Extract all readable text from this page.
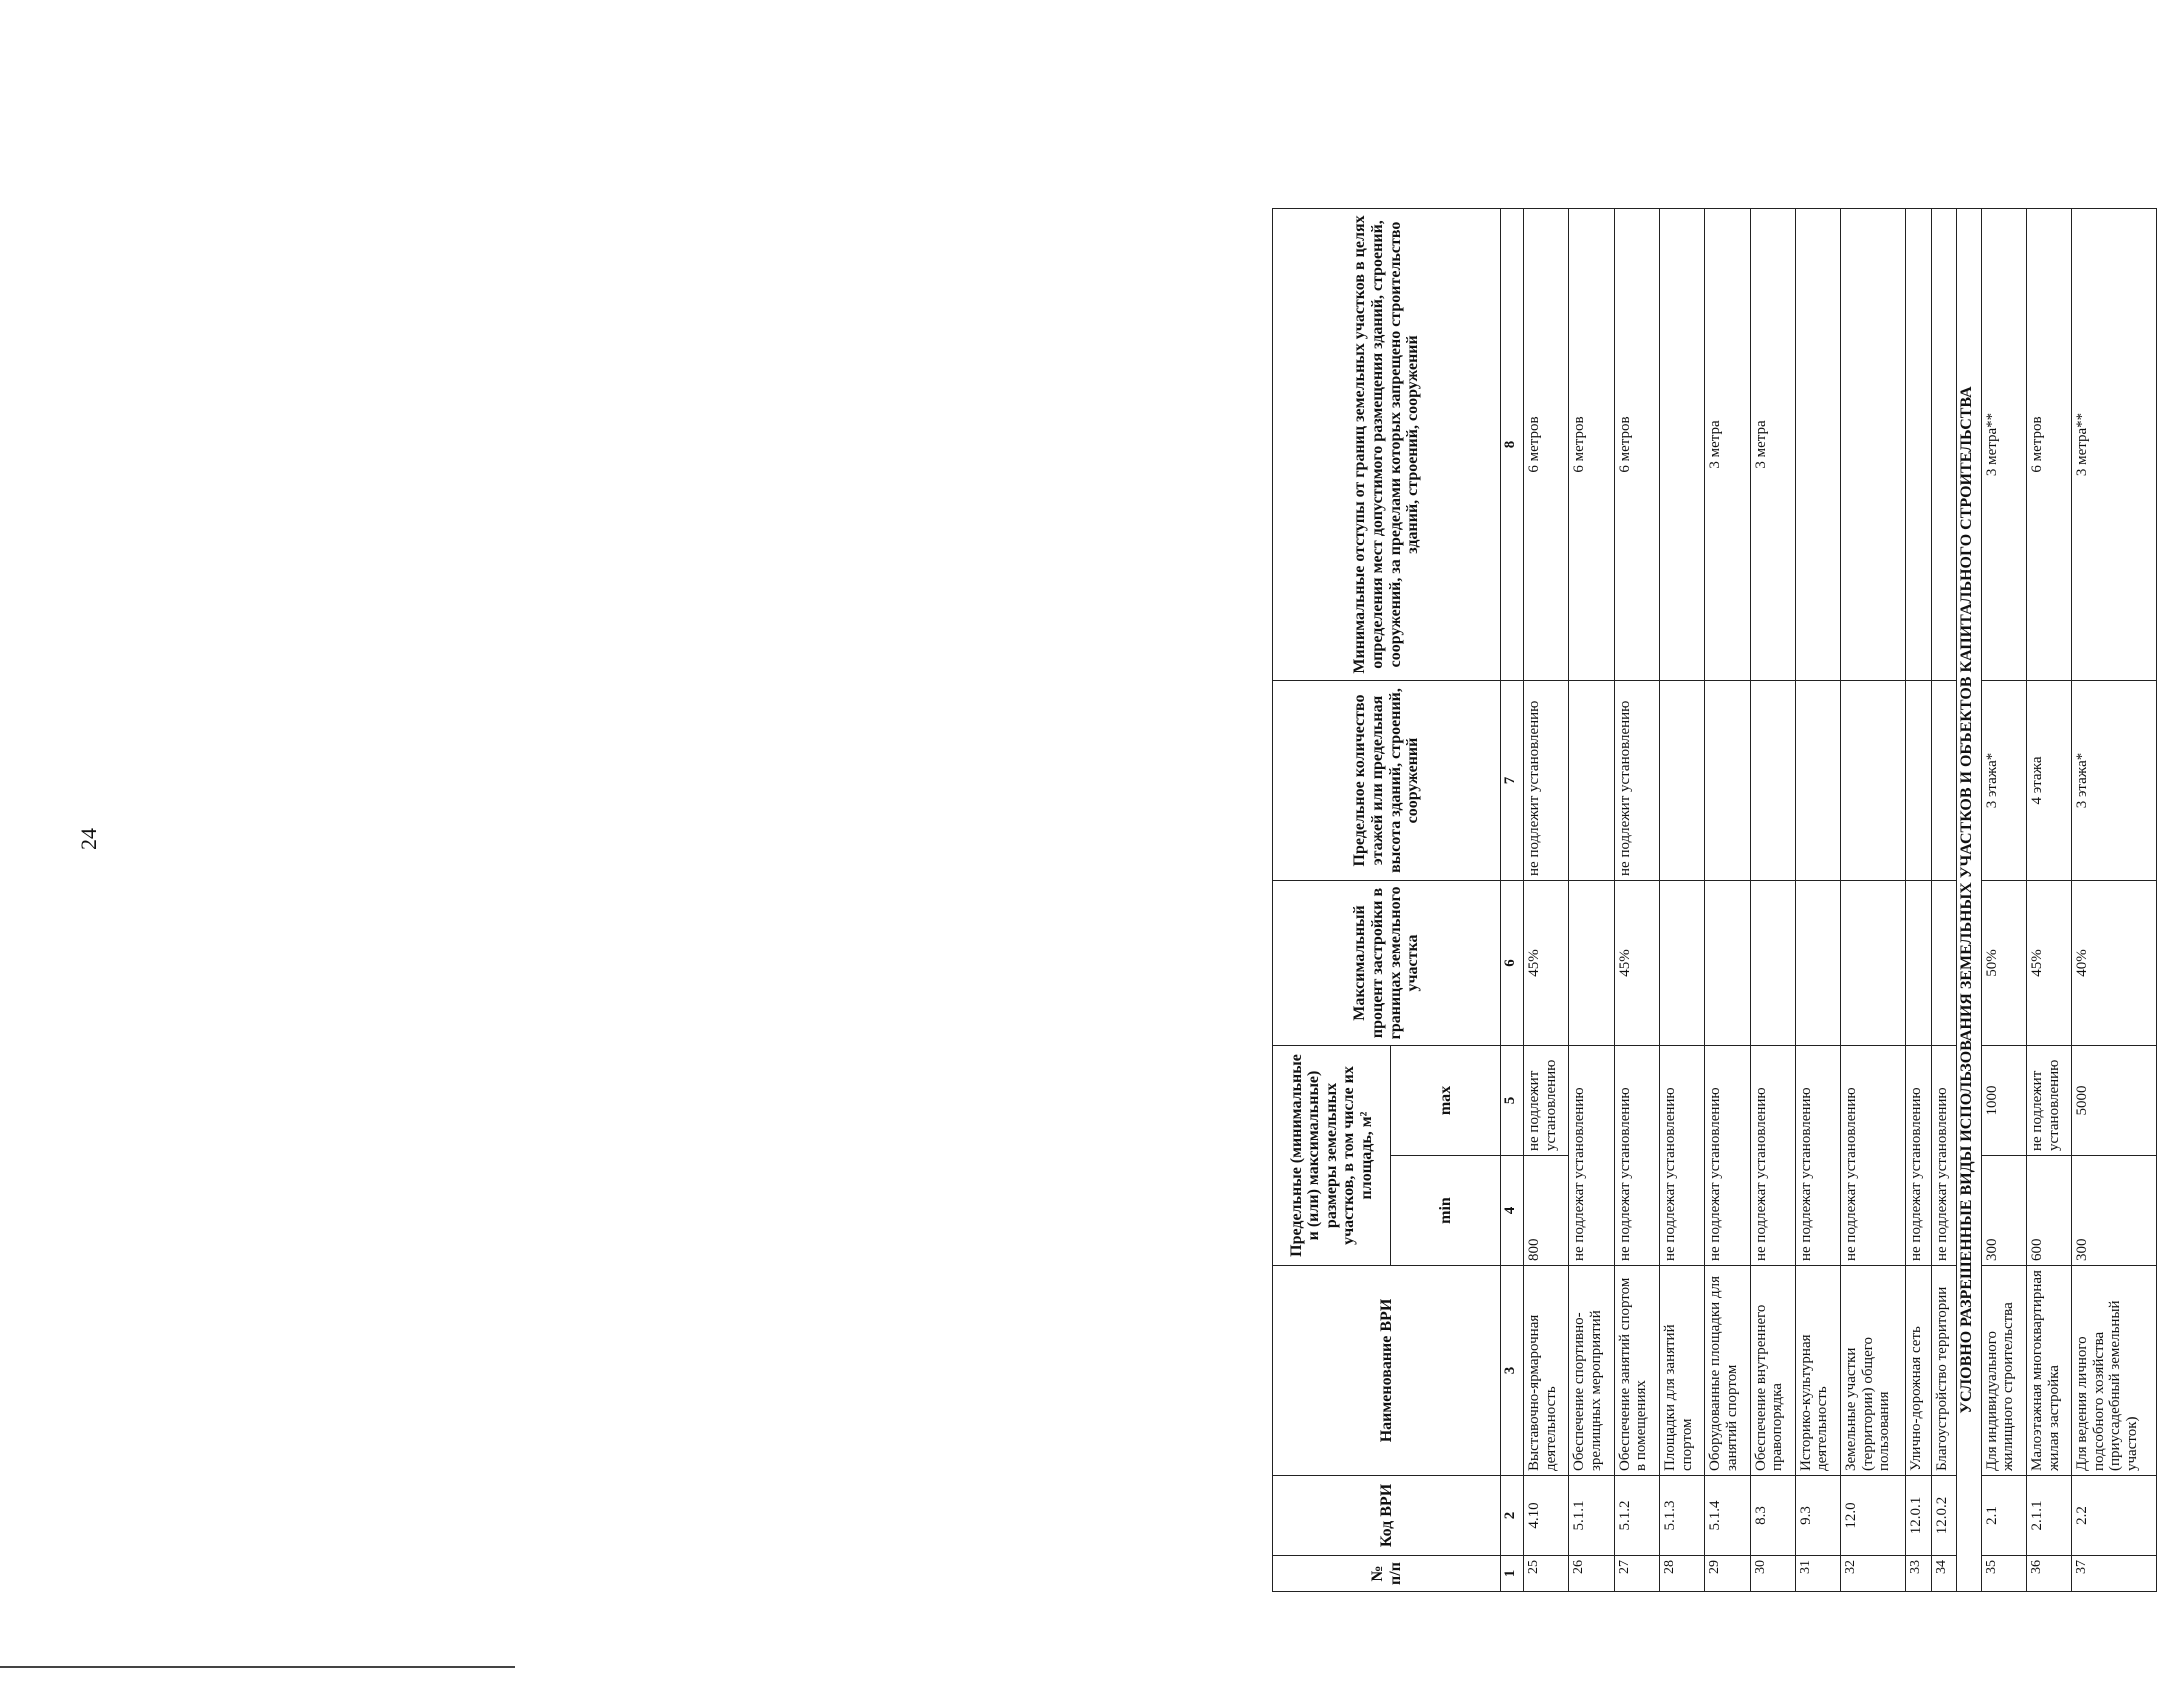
24
№ п/п	Код ВРИ	Наименование ВРИ	Предельные (минимальные и (или) максимальные) размеры земельных участков, в том числе их площадь, м²		Максимальный процент застройки в границах земельного участка	Предельное количество этажей или предельная высота зданий, строений, сооружений	Минимальные отступы от границ земельных участков в целях определения мест допустимого размещения зданий, строений, сооружений, за пределами которых запрещено строительство зданий, строений, сооружений
			min	max			
1	2	3	4	5	6	7	8
25	4.10	Выставочно-ярмарочная деятельность	800	не подлежит установлению	45%	не подлежит установлению	6 метров
26	5.1.1	Обеспечение спортивно-зрелищных мероприятий	не подлежат установлению				6 метров
27	5.1.2	Обеспечение занятий спортом в помещениях	не подлежат установлению		45%	не подлежит установлению	6 метров
28	5.1.3	Площадки для занятий спортом	не подлежат установлению				
29	5.1.4	Оборудованные площадки для занятий спортом	не подлежат установлению				3 метра
30	8.3	Обеспечение внутреннего правопорядка	не подлежат установлению				3 метра
31	9.3	Историко-культурная деятельность	не подлежат установлению				
32	12.0	Земельные участки (территории) общего пользования	не подлежат установлению				
33	12.0.1	Улично-дорожная сеть	не подлежат установлению				
34	12.0.2	Благоустройство территории	не подлежат установлению				
УСЛОВНО РАЗРЕШЕННЫЕ ВИДЫ ИСПОЛЬЗОВАНИЯ ЗЕМЕЛЬНЫХ УЧАСТКОВ И ОБЪЕКТОВ КАПИТАЛЬНОГО СТРОИТЕЛЬСТВА							
35	2.1	Для индивидуального жилищного строительства	300	1000	50%	3 этажа*	3 метра**
36	2.1.1	Малоэтажная многоквартирная жилая застройка	600	не подлежит установлению	45%	4 этажа	6 метров
37	2.2	Для ведения личного подсобного хозяйства (приусадебный земельный участок)	300	5000	40%	3 этажа*	3 метра**
